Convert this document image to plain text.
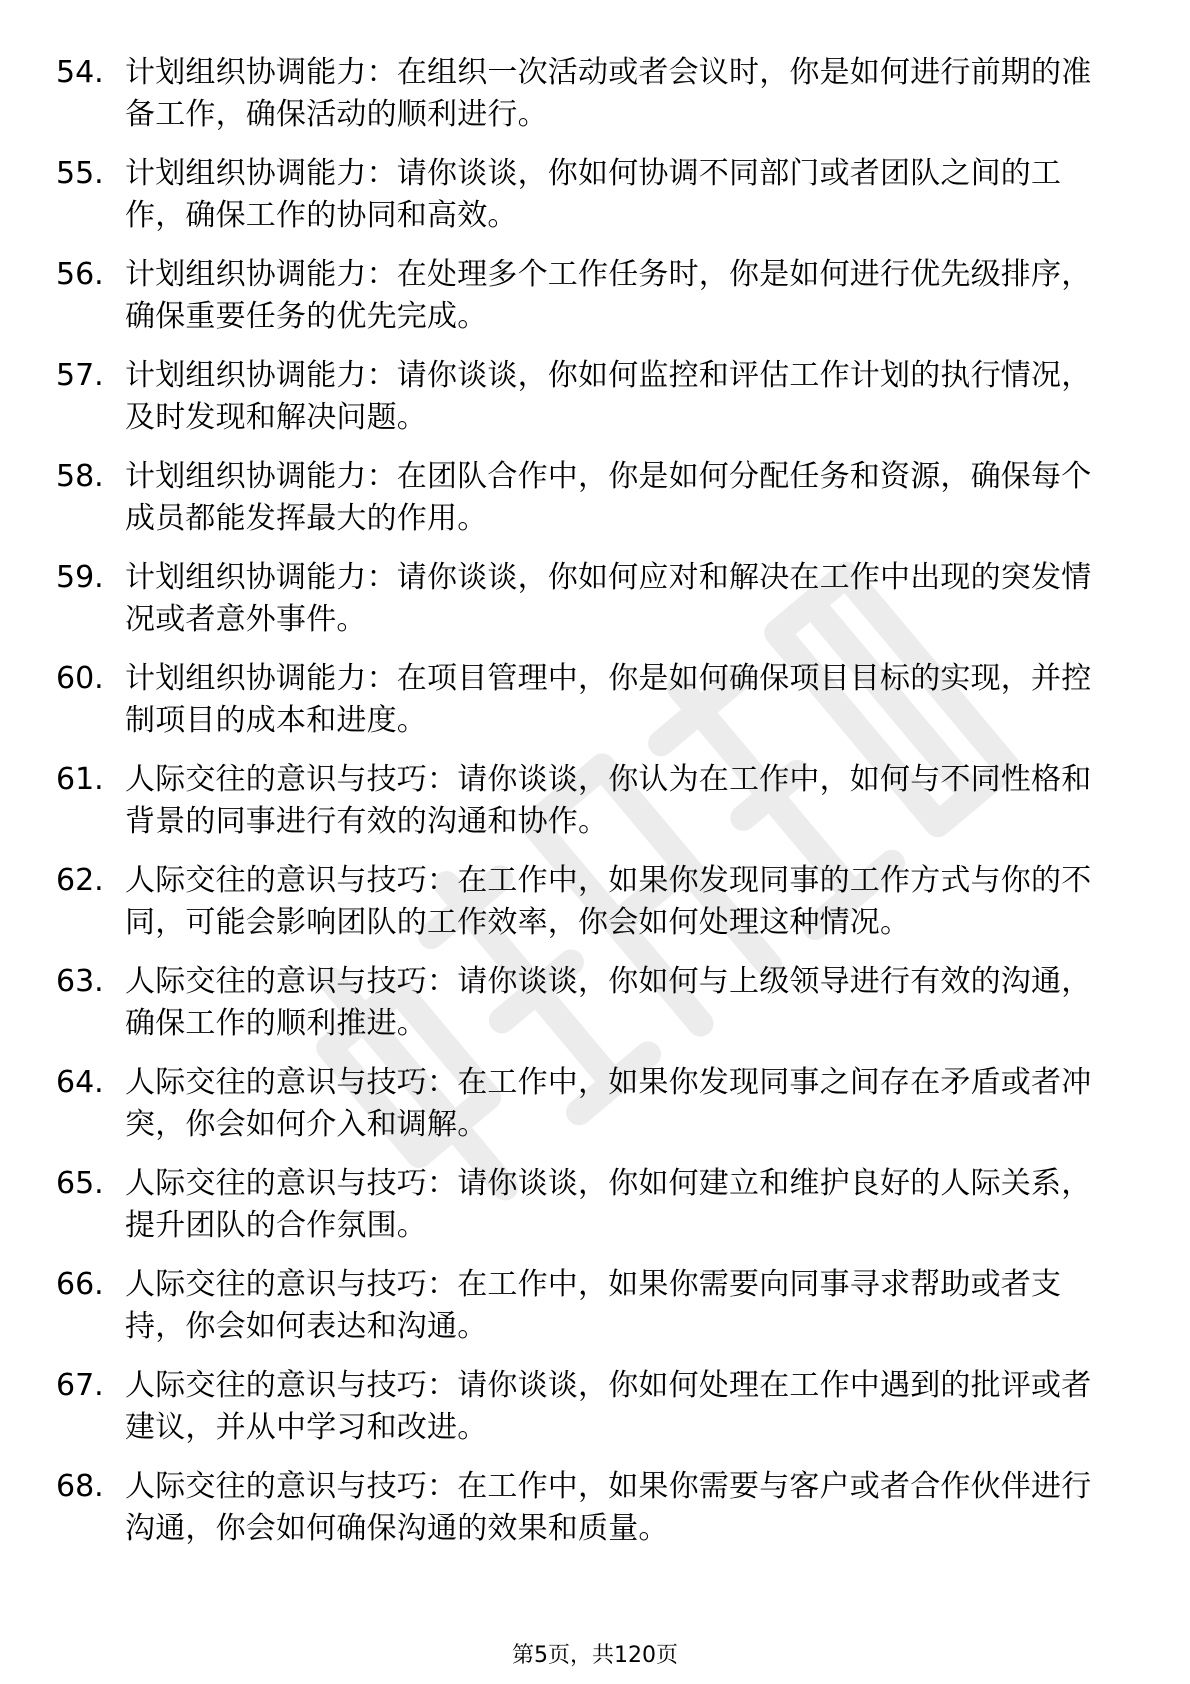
54. 计划组织协调能力：在组织一次活动或者会议时，你是如何进行前期的准备工作，确保活动的顺利进行。
55. 计划组织协调能力：请你谈谈，你如何协调不同部门或者团队之间的工作，确保工作的协同和高效。
56. 计划组织协调能力：在处理多个工作任务时，你是如何进行优先级排序，确保重要任务的优先完成。
57. 计划组织协调能力：请你谈谈，你如何监控和评估工作计划的执行情况，及时发现和解决问题。
58. 计划组织协调能力：在团队合作中，你是如何分配任务和资源，确保每个成员都能发挥最大的作用。
59. 计划组织协调能力：请你谈谈，你如何应对和解决在工作中出现的突发情况或者意外事件。
60. 计划组织协调能力：在项目管理中，你是如何确保项目目标的实现，并控制项目的成本和进度。
61. 人际交往的意识与技巧：请你谈谈，你认为在工作中，如何与不同性格和背景的同事进行有效的沟通和协作。
62. 人际交往的意识与技巧：在工作中，如果你发现同事的工作方式与你的不同，可能会影响团队的工作效率，你会如何处理这种情况。
63. 人际交往的意识与技巧：请你谈谈，你如何与上级领导进行有效的沟通，确保工作的顺利推进。
64. 人际交往的意识与技巧：在工作中，如果你发现同事之间存在矛盾或者冲突，你会如何介入和调解。
65. 人际交往的意识与技巧：请你谈谈，你如何建立和维护良好的人际关系，提升团队的合作氛围。
66. 人际交往的意识与技巧：在工作中，如果你需要向同事寻求帮助或者支持，你会如何表达和沟通。
67. 人际交往的意识与技巧：请你谈谈，你如何处理在工作中遇到的批评或者建议，并从中学习和改进。
68. 人际交往的意识与技巧：在工作中，如果你需要与客户或者合作伙伴进行沟通，你会如何确保沟通的效果和质量。
第5页，共120页
